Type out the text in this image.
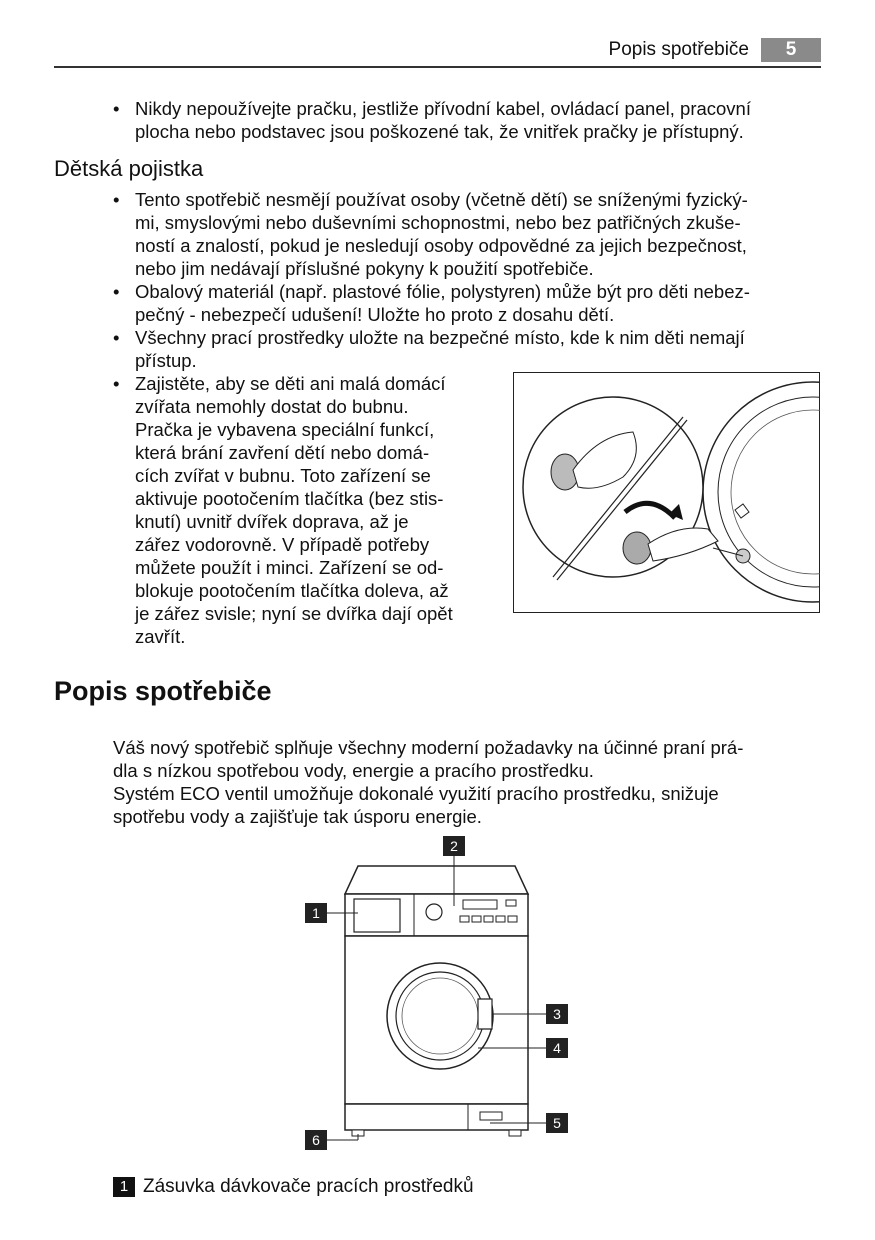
Popis spotřebiče	5
• Nikdy nepoužívejte pračku, jestliže přívodní kabel, ovládací panel, pracovní
plocha nebo podstavec jsou poškozené tak, že vnitřek pračky je přístupný.
Dětská pojistka
• Tento spotřebič nesmějí používat osoby (včetně dětí) se sníženými fyzický-
mi, smyslovými nebo duševními schopnostmi, nebo bez patřičných zkuše-
ností a znalostí, pokud je nesledují osoby odpovědné za jejich bezpečnost,
nebo jim nedávají příslušné pokyny k použití spotřebiče.
• Obalový materiál (např. plastové fólie, polystyren) může být pro děti nebez-
pečný - nebezpečí udušení! Uložte ho proto z dosahu dětí.
• Všechny prací prostředky uložte na bezpečné místo, kde k nim děti nemají
přístup.
• Zajistěte, aby se děti ani malá domácí
zvířata nemohly dostat do bubnu.
Pračka je vybavena speciální funkcí,
která brání zavření dětí nebo domá-
cích zvířat v bubnu. Toto zařízení se
aktivuje pootočením tlačítka (bez stis-
knutí) uvnitř dvířek doprava, až je
zářez vodorovně. V případě potřeby
můžete použít i minci. Zařízení se od-
blokuje pootočením tlačítka doleva, až
je zářez svisle; nyní se dvířka dají opět
zavřít.
Popis spotřebiče
Váš nový spotřebič splňuje všechny moderní požadavky na účinné praní prá-
dla s nízkou spotřebou vody, energie a pracího prostředku.
Systém ECO ventil umožňuje dokonalé využití pracího prostředku, snižuje
spotřebu vody a zajišťuje tak úsporu energie.
1
2
3
4
5
6
1 Zásuvka dávkovače pracích prostředků
